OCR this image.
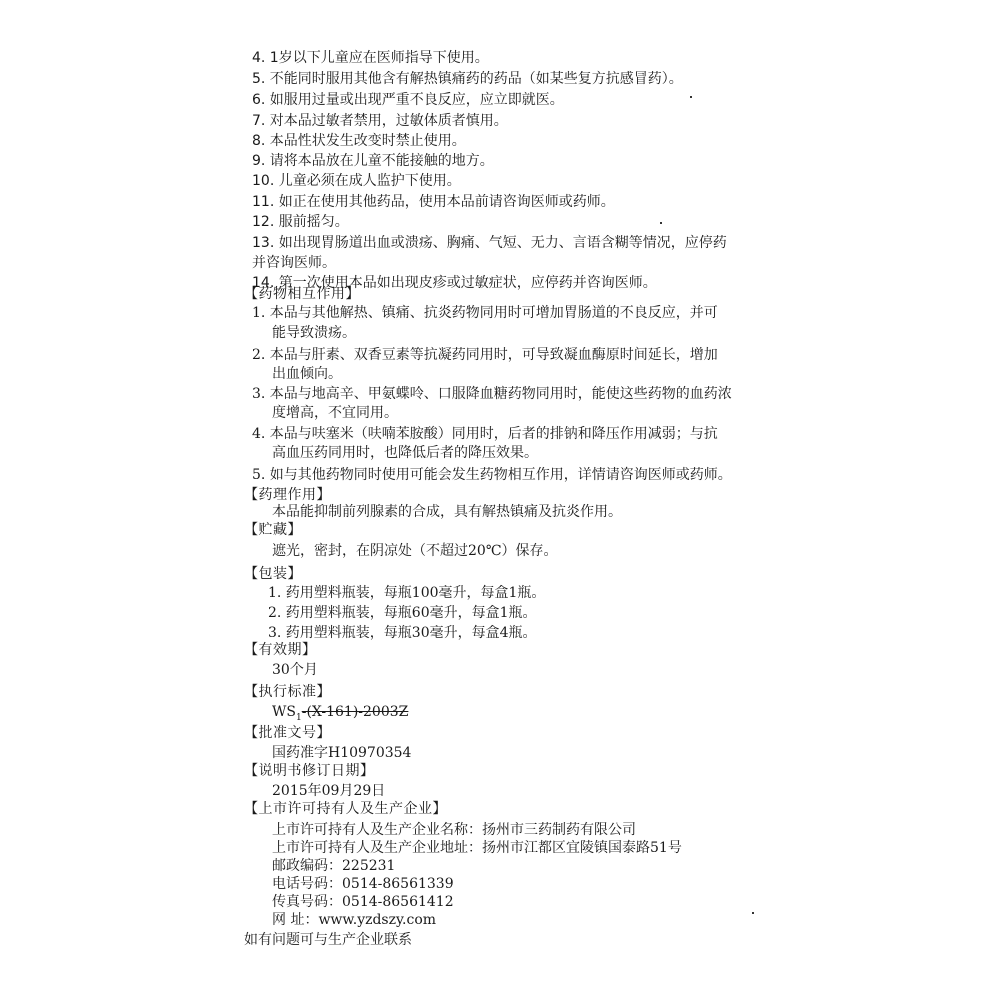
4. 1岁以下儿童应在医师指导下使用。
5. 不能同时服用其他含有解热镇痛药的药品（如某些复方抗感冒药）。
6. 如服用过量或出现严重不良反应，应立即就医。
7. 对本品过敏者禁用，过敏体质者慎用。
8. 本品性状发生改变时禁止使用。
9. 请将本品放在儿童不能接触的地方。
10. 儿童必须在成人监护下使用。
11. 如正在使用其他药品，使用本品前请咨询医师或药师。
12. 服前摇匀。
13. 如出现胃肠道出血或溃疡、胸痛、气短、无力、言语含糊等情况，应停药
并咨询医师。
14. 第一次使用本品如出现皮疹或过敏症状，应停药并咨询医师。
【药物相互作用】
1. 本品与其他解热、镇痛、抗炎药物同用时可增加胃肠道的不良反应，并可
能导致溃疡。
2. 本品与肝素、双香豆素等抗凝药同用时，可导致凝血酶原时间延长，增加
出血倾向。
3. 本品与地高辛、甲氨蝶呤、口服降血糖药物同用时，能使这些药物的血药浓
度增高，不宜同用。
4. 本品与呋塞米（呋喃苯胺酸）同用时，后者的排钠和降压作用减弱；与抗
高血压药同用时，也降低后者的降压效果。
5. 如与其他药物同时使用可能会发生药物相互作用，详情请咨询医师或药师。
【药理作用】
本品能抑制前列腺素的合成，具有解热镇痛及抗炎作用。
【贮藏】
遮光，密封，在阴凉处（不超过20℃）保存。
【包装】
1. 药用塑料瓶装，每瓶100毫升，每盒1瓶。
2. 药用塑料瓶装，每瓶60毫升，每盒1瓶。
3. 药用塑料瓶装，每瓶30毫升，每盒4瓶。
【有效期】
30个月
【执行标准】
$WS_1-(X-161)-2003Z$
【批准文号】
国药准字H10970354
【说明书修订日期】
2015年09月29日
【上市许可持有人及生产企业】
上市许可持有人及生产企业名称：扬州市三药制药有限公司
上市许可持有人及生产企业地址：扬州市江都区宜陵镇国泰路51号
邮政编码：225231
电话号码：0514-86561339
传真号码：0514-86561412
网 址：www.yzdszy.com
如有问题可与生产企业联系
